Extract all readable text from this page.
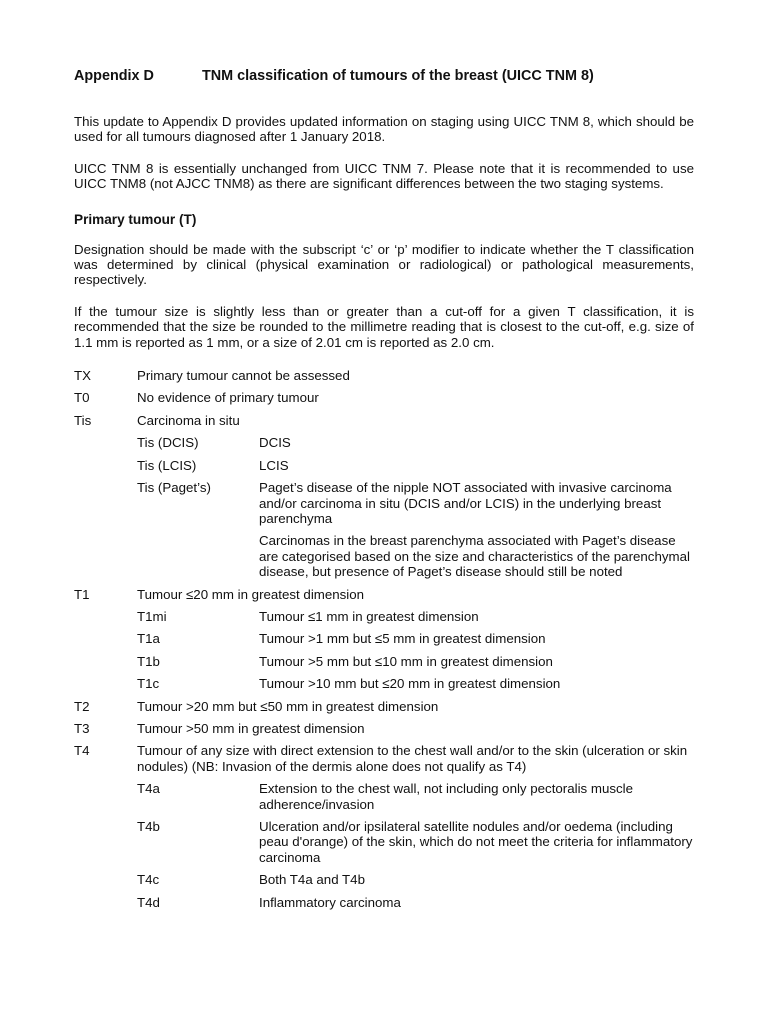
Appendix D	TNM classification of tumours of the breast (UICC TNM 8)

This update to Appendix D provides updated information on staging using UICC TNM 8, which should be used for all tumours diagnosed after 1 January 2018.

UICC TNM 8 is essentially unchanged from UICC TNM 7. Please note that it is recommended to use UICC TNM8 (not AJCC TNM8) as there are significant differences between the two staging systems.

Primary tumour (T)

Designation should be made with the subscript ‘c’ or ‘p’ modifier to indicate whether the T classification was determined by clinical (physical examination or radiological) or pathological measurements, respectively.

If the tumour size is slightly less than or greater than a cut-off for a given T classification, it is recommended that the size be rounded to the millimetre reading that is closest to the cut-off, e.g. size of 1.1 mm is reported as 1 mm, or a size of 2.01 cm is reported as 2.0 cm.

TX	Primary tumour cannot be assessed
T0	No evidence of primary tumour
Tis	Carcinoma in situ
Tis (DCIS)	DCIS
Tis (LCIS)	LCIS
Tis (Paget’s)	Paget’s disease of the nipple NOT associated with invasive carcinoma and/or carcinoma in situ (DCIS and/or LCIS) in the underlying breast parenchyma
Carcinomas in the breast parenchyma associated with Paget’s disease are categorised based on the size and characteristics of the parenchymal disease, but presence of Paget’s disease should still be noted
T1	Tumour ≤20 mm in greatest dimension
T1mi	Tumour ≤1 mm in greatest dimension
T1a	Tumour >1 mm but ≤5 mm in greatest dimension
T1b	Tumour >5 mm but ≤10 mm in greatest dimension
T1c	Tumour >10 mm but ≤20 mm in greatest dimension
T2	Tumour >20 mm but ≤50 mm in greatest dimension
T3	Tumour >50 mm in greatest dimension
T4	Tumour of any size with direct extension to the chest wall and/or to the skin (ulceration or skin nodules) (NB: Invasion of the dermis alone does not qualify as T4)
T4a	Extension to the chest wall, not including only pectoralis muscle adherence/invasion
T4b	Ulceration and/or ipsilateral satellite nodules and/or oedema (including peau d'orange) of the skin, which do not meet the criteria for inflammatory carcinoma
T4c	Both T4a and T4b
T4d	Inflammatory carcinoma
